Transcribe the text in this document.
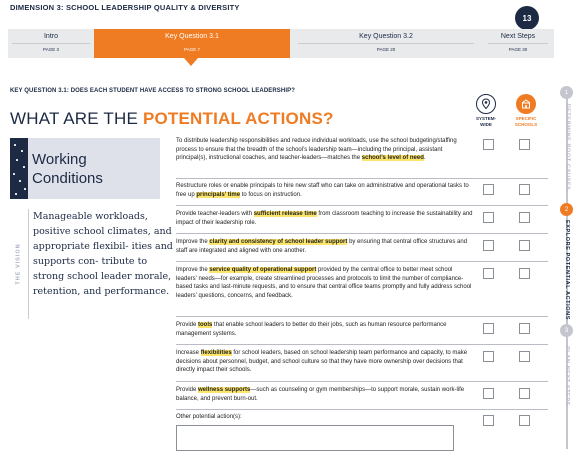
DIMENSION 3: SCHOOL LEADERSHIP QUALITY & DIVERSITY
13
Intro
PAGE 3
Key Question 3.1
PAGE 7
Key Question 3.2
PAGE 20
Next Steps
PAGE 30
KEY QUESTION 3.1: DOES EACH STUDENT HAVE ACCESS TO STRONG SCHOOL LEADERSHIP?
WHAT ARE THE POTENTIAL ACTIONS?	SYSTEM-
WIDE
SPECIFIC
SCHOOLS
Working
Conditions
THE VISION
Manageable workloads, positive school climates, and appropriate flexibil- ities and supports con- tribute to strong school leader morale, retention, and performance.
To distribute leadership responsibilities and reduce individual workloads, use the school budgeting/staffing process to ensure that the breadth of the school’s leadership team—including the principal, assistant principal(s), instructional coaches, and teacher-leaders—matches the school’s level of need.
Restructure roles or enable principals to hire new staff who can take on administrative and operational tasks to free up principals’ time to focus on instruction.
Provide teacher-leaders with sufficient release time from classroom teaching to increase the sustainability and impact of their leadership role.
Improve the clarity and consistency of school leader support by ensuring that central office structures and staff are integrated and aligned with one another.
Improve the service quality of operational support provided by the central office to better meet school leaders’ needs—for example, create streamlined processes and protocols to limit the number of compliance-based tasks and last-minute requests, and to ensure that central office teams promptly and fully address school leaders’ questions, concerns, and feedback.
Provide tools that enable school leaders to better do their jobs, such as human resource performance management systems.
Increase flexibilities for school leaders, based on school leadership team performance and capacity, to make decisions about personnel, budget, and school culture so that they have more ownership over decisions that directly impact their schools.
Provide wellness supports—such as counseling or gym memberships—to support morale, sustain work-life balance, and prevent burn-out.
Other potential action(s):
1
DETERMINE ROOT CAUSES
2
EXPLORE POTENTIAL ACTIONS
3
PLAN NEXT STEPS
